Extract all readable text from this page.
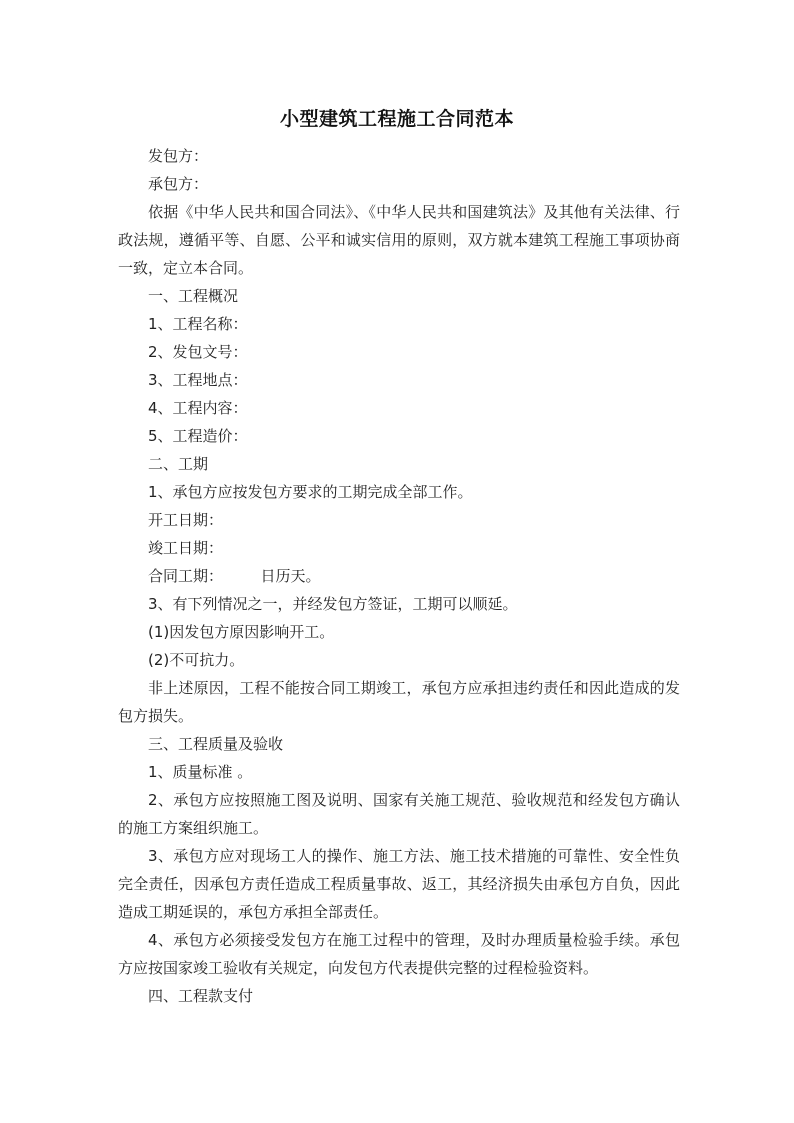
小型建筑工程施工合同范本

发包方：

承包方：

依据《中华人民共和国合同法》、《中华人民共和国建筑法》及其他有关法律、行政法规，遵循平等、自愿、公平和诚实信用的原则，双方就本建筑工程施工事项协商一致，定立本合同。

一、工程概况

1、工程名称：

2、发包文号：

3、工程地点：

4、工程内容：

5、工程造价：

二、工期

1、承包方应按发包方要求的工期完成全部工作。

开工日期：

竣工日期：

合同工期：　　　日历天。

3、有下列情况之一，并经发包方签证，工期可以顺延。

(1)因发包方原因影响开工。

(2)不可抗力。

非上述原因，工程不能按合同工期竣工，承包方应承担违约责任和因此造成的发包方损失。

三、工程质量及验收

1、质量标准 。

2、承包方应按照施工图及说明、国家有关施工规范、验收规范和经发包方确认的施工方案组织施工。

3、承包方应对现场工人的操作、施工方法、施工技术措施的可靠性、安全性负完全责任，因承包方责任造成工程质量事故、返工，其经济损失由承包方自负，因此造成工期延误的，承包方承担全部责任。

4、承包方必须接受发包方在施工过程中的管理，及时办理质量检验手续。承包方应按国家竣工验收有关规定，向发包方代表提供完整的过程检验资料。

四、工程款支付
